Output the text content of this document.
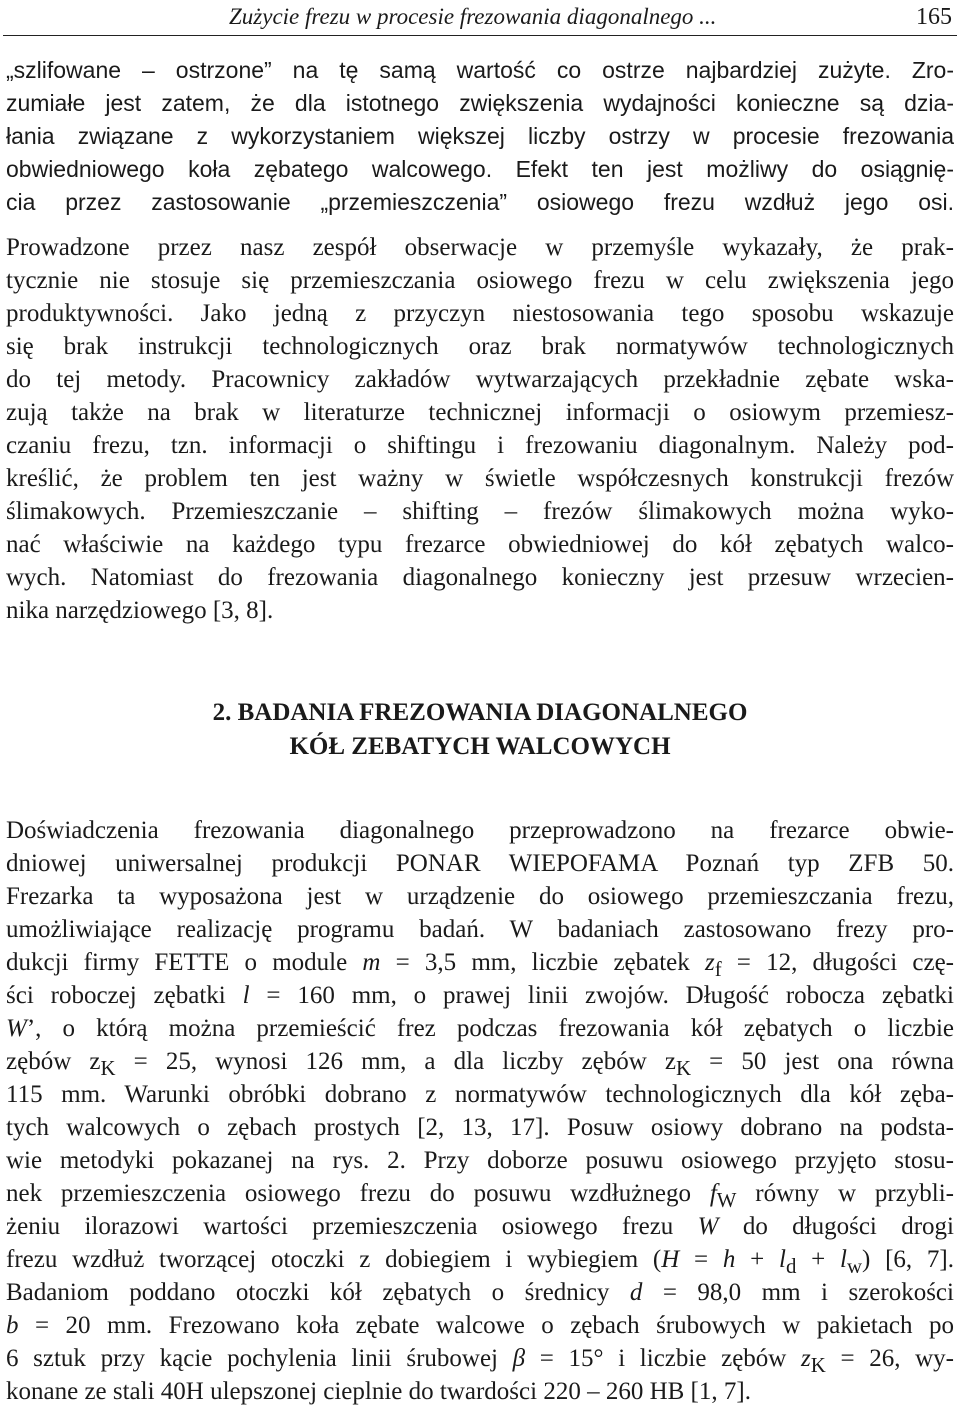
Zużycie frezu w procesie frezowania diagonalnego ...	165
„szlifowane – ostrzone” na tę samą wartość co ostrze najbardziej zużyte. Zro-
zumiałe jest zatem, że dla istotnego zwiększenia wydajności konieczne są dzia-
łania związane z wykorzystaniem większej liczby ostrzy w procesie frezowania
obwiedniowego koła zębatego walcowego. Efekt ten jest możliwy do osiągnię-
cia przez zastosowanie „przemieszczenia” osiowego frezu wzdłuż jego osi.
Prowadzone przez nasz zespół obserwacje w przemyśle wykazały, że prak-
tycznie nie stosuje się przemieszczania osiowego frezu w celu zwiększenia jego
produktywności. Jako jedną z przyczyn niestosowania tego sposobu wskazuje
się brak instrukcji technologicznych oraz brak normatywów technologicznych
do tej metody. Pracownicy zakładów wytwarzających przekładnie zębate wska-
zują także na brak w literaturze technicznej informacji o osiowym przemiesz-
czaniu frezu, tzn. informacji o shiftingu i frezowaniu diagonalnym. Należy pod-
kreślić, że problem ten jest ważny w świetle współczesnych konstrukcji frezów
ślimakowych. Przemieszczanie – shifting – frezów ślimakowych można wyko-
nać właściwie na każdego typu frezarce obwiedniowej do kół zębatych walco-
wych. Natomiast do frezowania diagonalnego konieczny jest przesuw wrzecien-
nika narzędziowego [3, 8].
2. BADANIA FREZOWANIA DIAGONALNEGO
KÓŁ ZEBATYCH WALCOWYCH
Doświadczenia frezowania diagonalnego przeprowadzono na frezarce obwie-
dniowej uniwersalnej produkcji PONAR WIEPOFAMA Poznań typ ZFB 50.
Frezarka ta wyposażona jest w urządzenie do osiowego przemieszczania frezu,
umożliwiające realizację programu badań. W badaniach zastosowano frezy pro-
dukcji firmy FETTE o module m = 3,5 mm, liczbie zębatek $z_f = 12$, długości czę-
ści roboczej zębatki l = 160 mm, o prawej linii zwojów. Długość robocza zębatki
W’, o którą można przemieścić frez podczas frezowania kół zębatych o liczbie
zębów $z_K = 25$, wynosi 126 mm, a dla liczby zębów $z_K = 50$ jest ona równa
115 mm. Warunki obróbki dobrano z normatywów technologicznych dla kół zęba-
tych walcowych o zębach prostych [2, 13, 17]. Posuw osiowy dobrano na podsta-
wie metodyki pokazanej na rys. 2. Przy doborze posuwu osiowego przyjęto stosu-
nek przemieszczenia osiowego frezu do posuwu wzdłużnego $f_W$ równy w przybli-
żeniu ilorazowi wartości przemieszczenia osiowego frezu W do długości drogi
frezu wzdłuż tworzącej otoczki z dobiegiem i wybiegiem $(H = h + l_d + l_w)$ [6, 7].
Badaniom poddano otoczki kół zębatych o średnicy d = 98,0 mm i szerokości
b = 20 mm. Frezowano koła zębate walcowe o zębach śrubowych w pakietach po
6 sztuk przy kącie pochylenia linii śrubowej β = 15° i liczbie zębów $z_K = 26$, wy-
konane ze stali 40H ulepszonej cieplnie do twardości 220 – 260 HB [1, 7].
